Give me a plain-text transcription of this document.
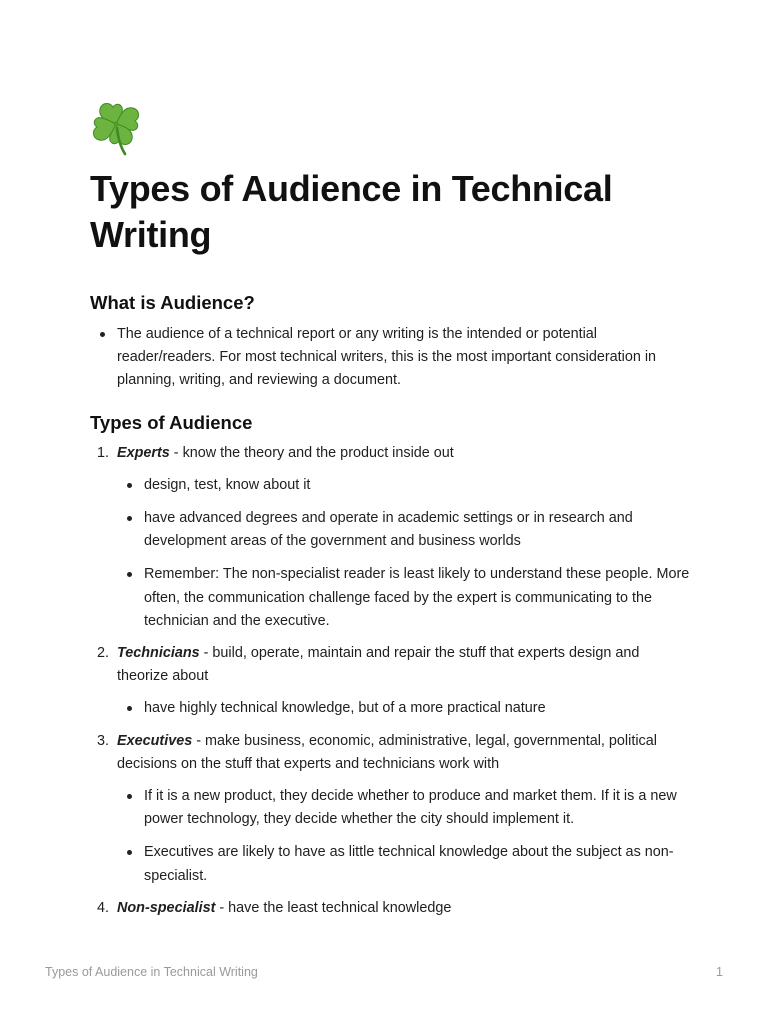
Types of Audience in Technical Writing
What is Audience?
The audience of a technical report or any writing is the intended or potential reader/readers. For most technical writers, this is the most important consideration in planning, writing, and reviewing a document.
Types of Audience
1. Experts - know the theory and the product inside out
design, test, know about it
have advanced degrees and operate in academic settings or in research and development areas of the government and business worlds
Remember: The non-specialist reader is least likely to understand these people. More often, the communication challenge faced by the expert is communicating to the technician and the executive.
2. Technicians - build, operate, maintain and repair the stuff that experts design and theorize about
have highly technical knowledge, but of a more practical nature
3. Executives - make business, economic, administrative, legal, governmental, political decisions on the stuff that experts and technicians work with
If it is a new product, they decide whether to produce and market them. If it is a new power technology, they decide whether the city should implement it.
Executives are likely to have as little technical knowledge about the subject as non-specialist.
4. Non-specialist - have the least technical knowledge
Types of Audience in Technical Writing	1
